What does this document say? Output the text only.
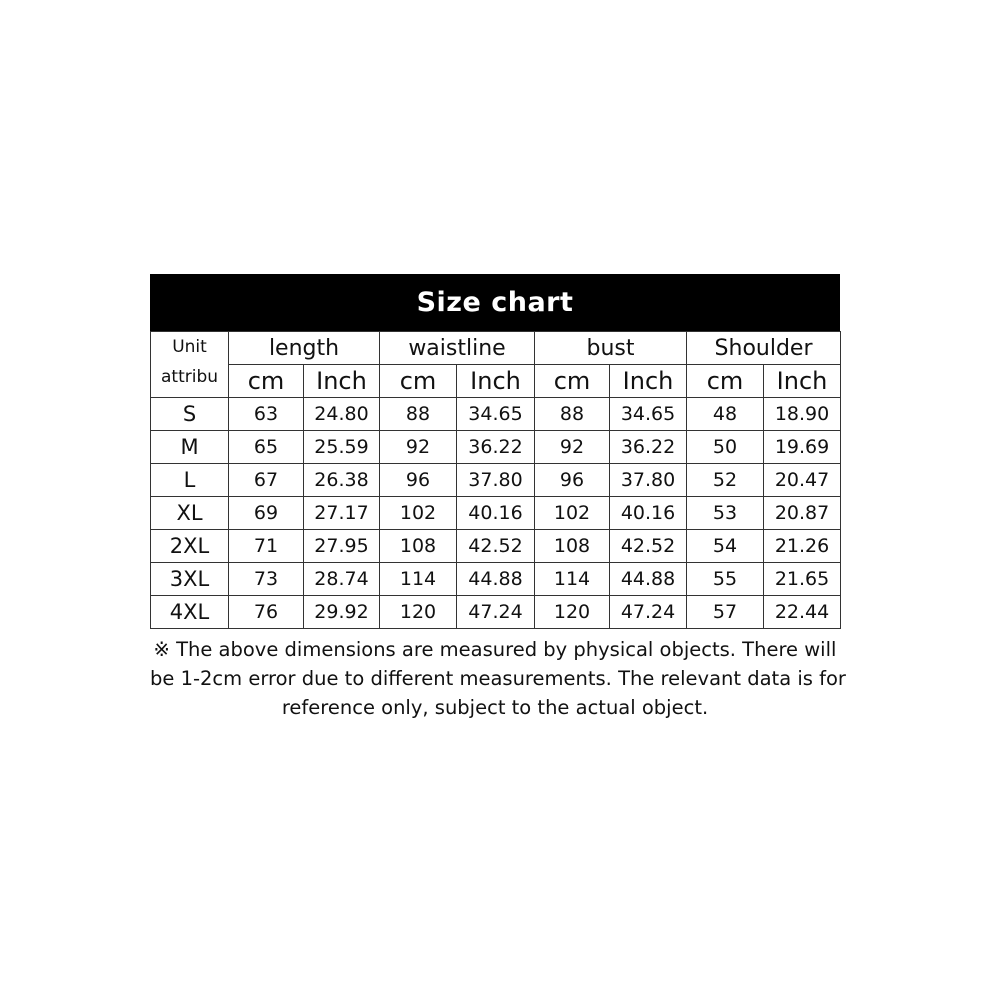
Size chart
Unit
attribu	length		waistline		bust		Shoulder	
	cm	Inch	cm	Inch	cm	Inch	cm	Inch
S	63	24.80	88	34.65	88	34.65	48	18.90
M	65	25.59	92	36.22	92	36.22	50	19.69
L	67	26.38	96	37.80	96	37.80	52	20.47
XL	69	27.17	102	40.16	102	40.16	53	20.87
2XL	71	27.95	108	42.52	108	42.52	54	21.26
3XL	73	28.74	114	44.88	114	44.88	55	21.65
4XL	76	29.92	120	47.24	120	47.24	57	22.44
※ The above dimensions are measured by physical objects. There will
be 1-2cm error due to different measurements. The relevant data is for
reference only, subject to the actual object.
